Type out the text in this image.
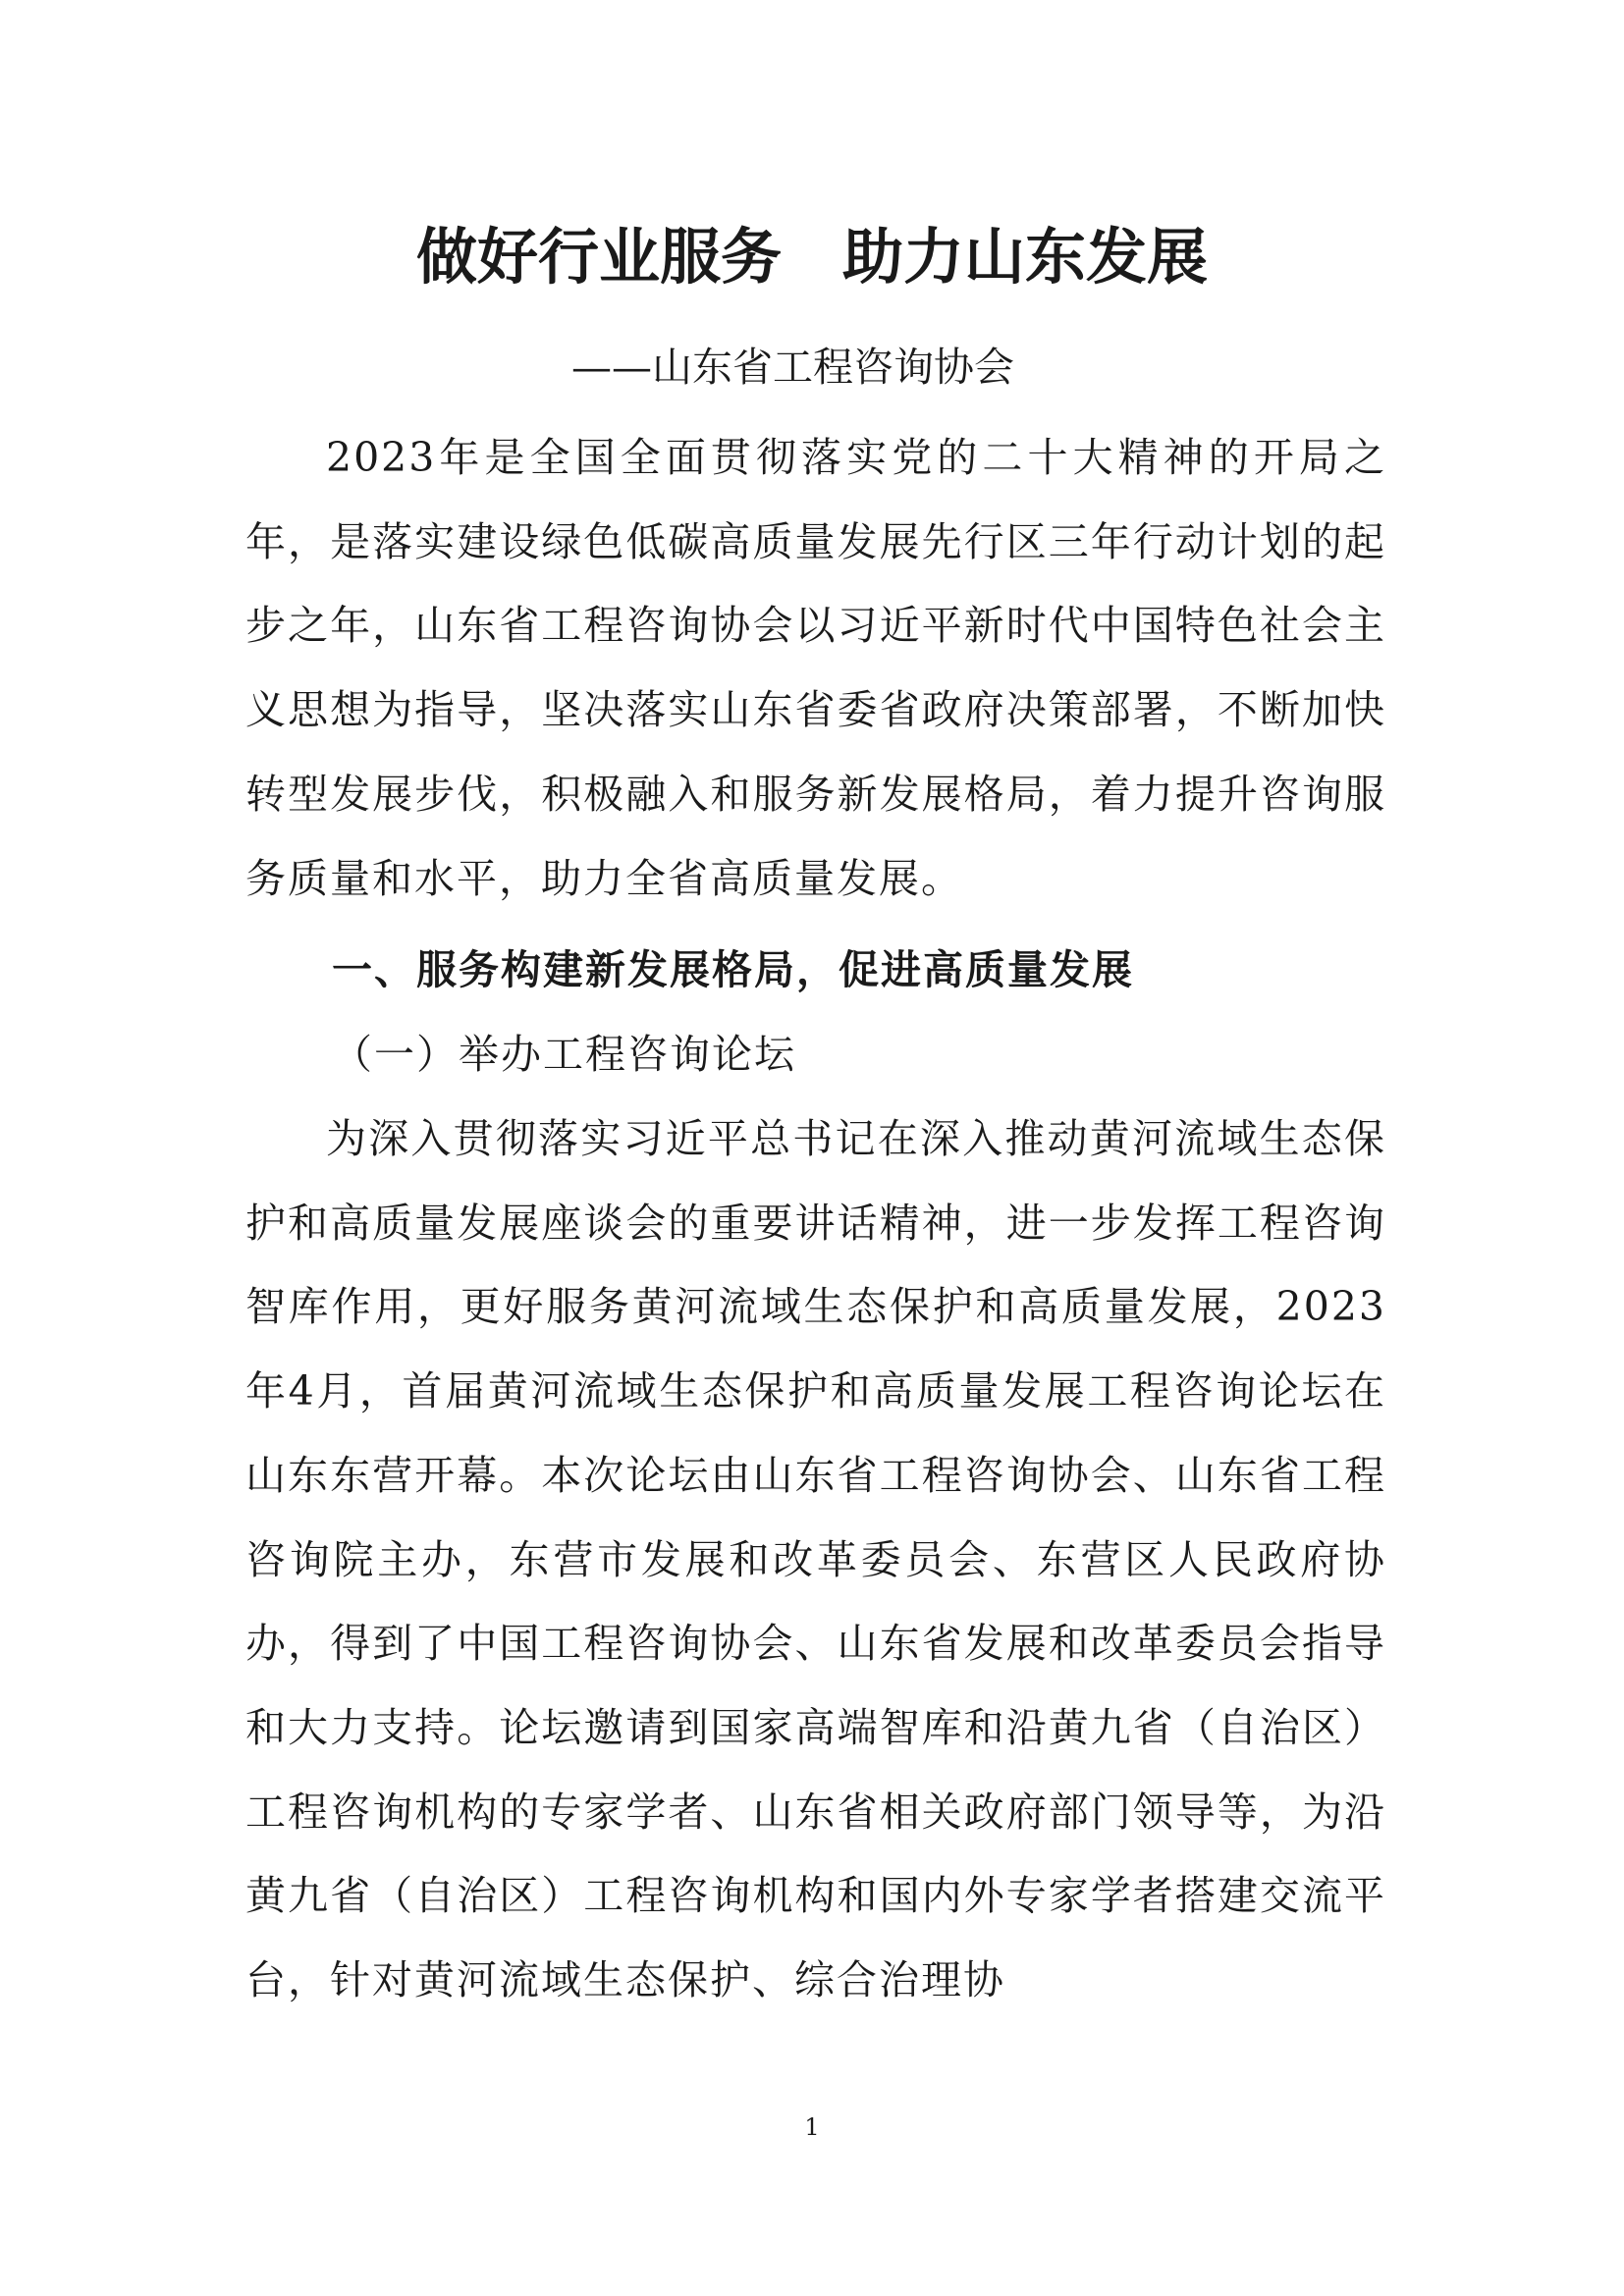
做好行业服务　助力山东发展

——山东省工程咨询协会

2023年是全国全面贯彻落实党的二十大精神的开局之年，是落实建设绿色低碳高质量发展先行区三年行动计划的起步之年，山东省工程咨询协会以习近平新时代中国特色社会主义思想为指导，坚决落实山东省委省政府决策部署，不断加快转型发展步伐，积极融入和服务新发展格局，着力提升咨询服务质量和水平，助力全省高质量发展。

一、服务构建新发展格局，促进高质量发展

（一）举办工程咨询论坛

为深入贯彻落实习近平总书记在深入推动黄河流域生态保护和高质量发展座谈会的重要讲话精神，进一步发挥工程咨询智库作用，更好服务黄河流域生态保护和高质量发展，2023年4月，首届黄河流域生态保护和高质量发展工程咨询论坛在山东东营开幕。本次论坛由山东省工程咨询协会、山东省工程咨询院主办，东营市发展和改革委员会、东营区人民政府协办，得到了中国工程咨询协会、山东省发展和改革委员会指导和大力支持。论坛邀请到国家高端智库和沿黄九省（自治区）工程咨询机构的专家学者、山东省相关政府部门领导等，为沿黄九省（自治区）工程咨询机构和国内外专家学者搭建交流平台，针对黄河流域生态保护、综合治理协

1
